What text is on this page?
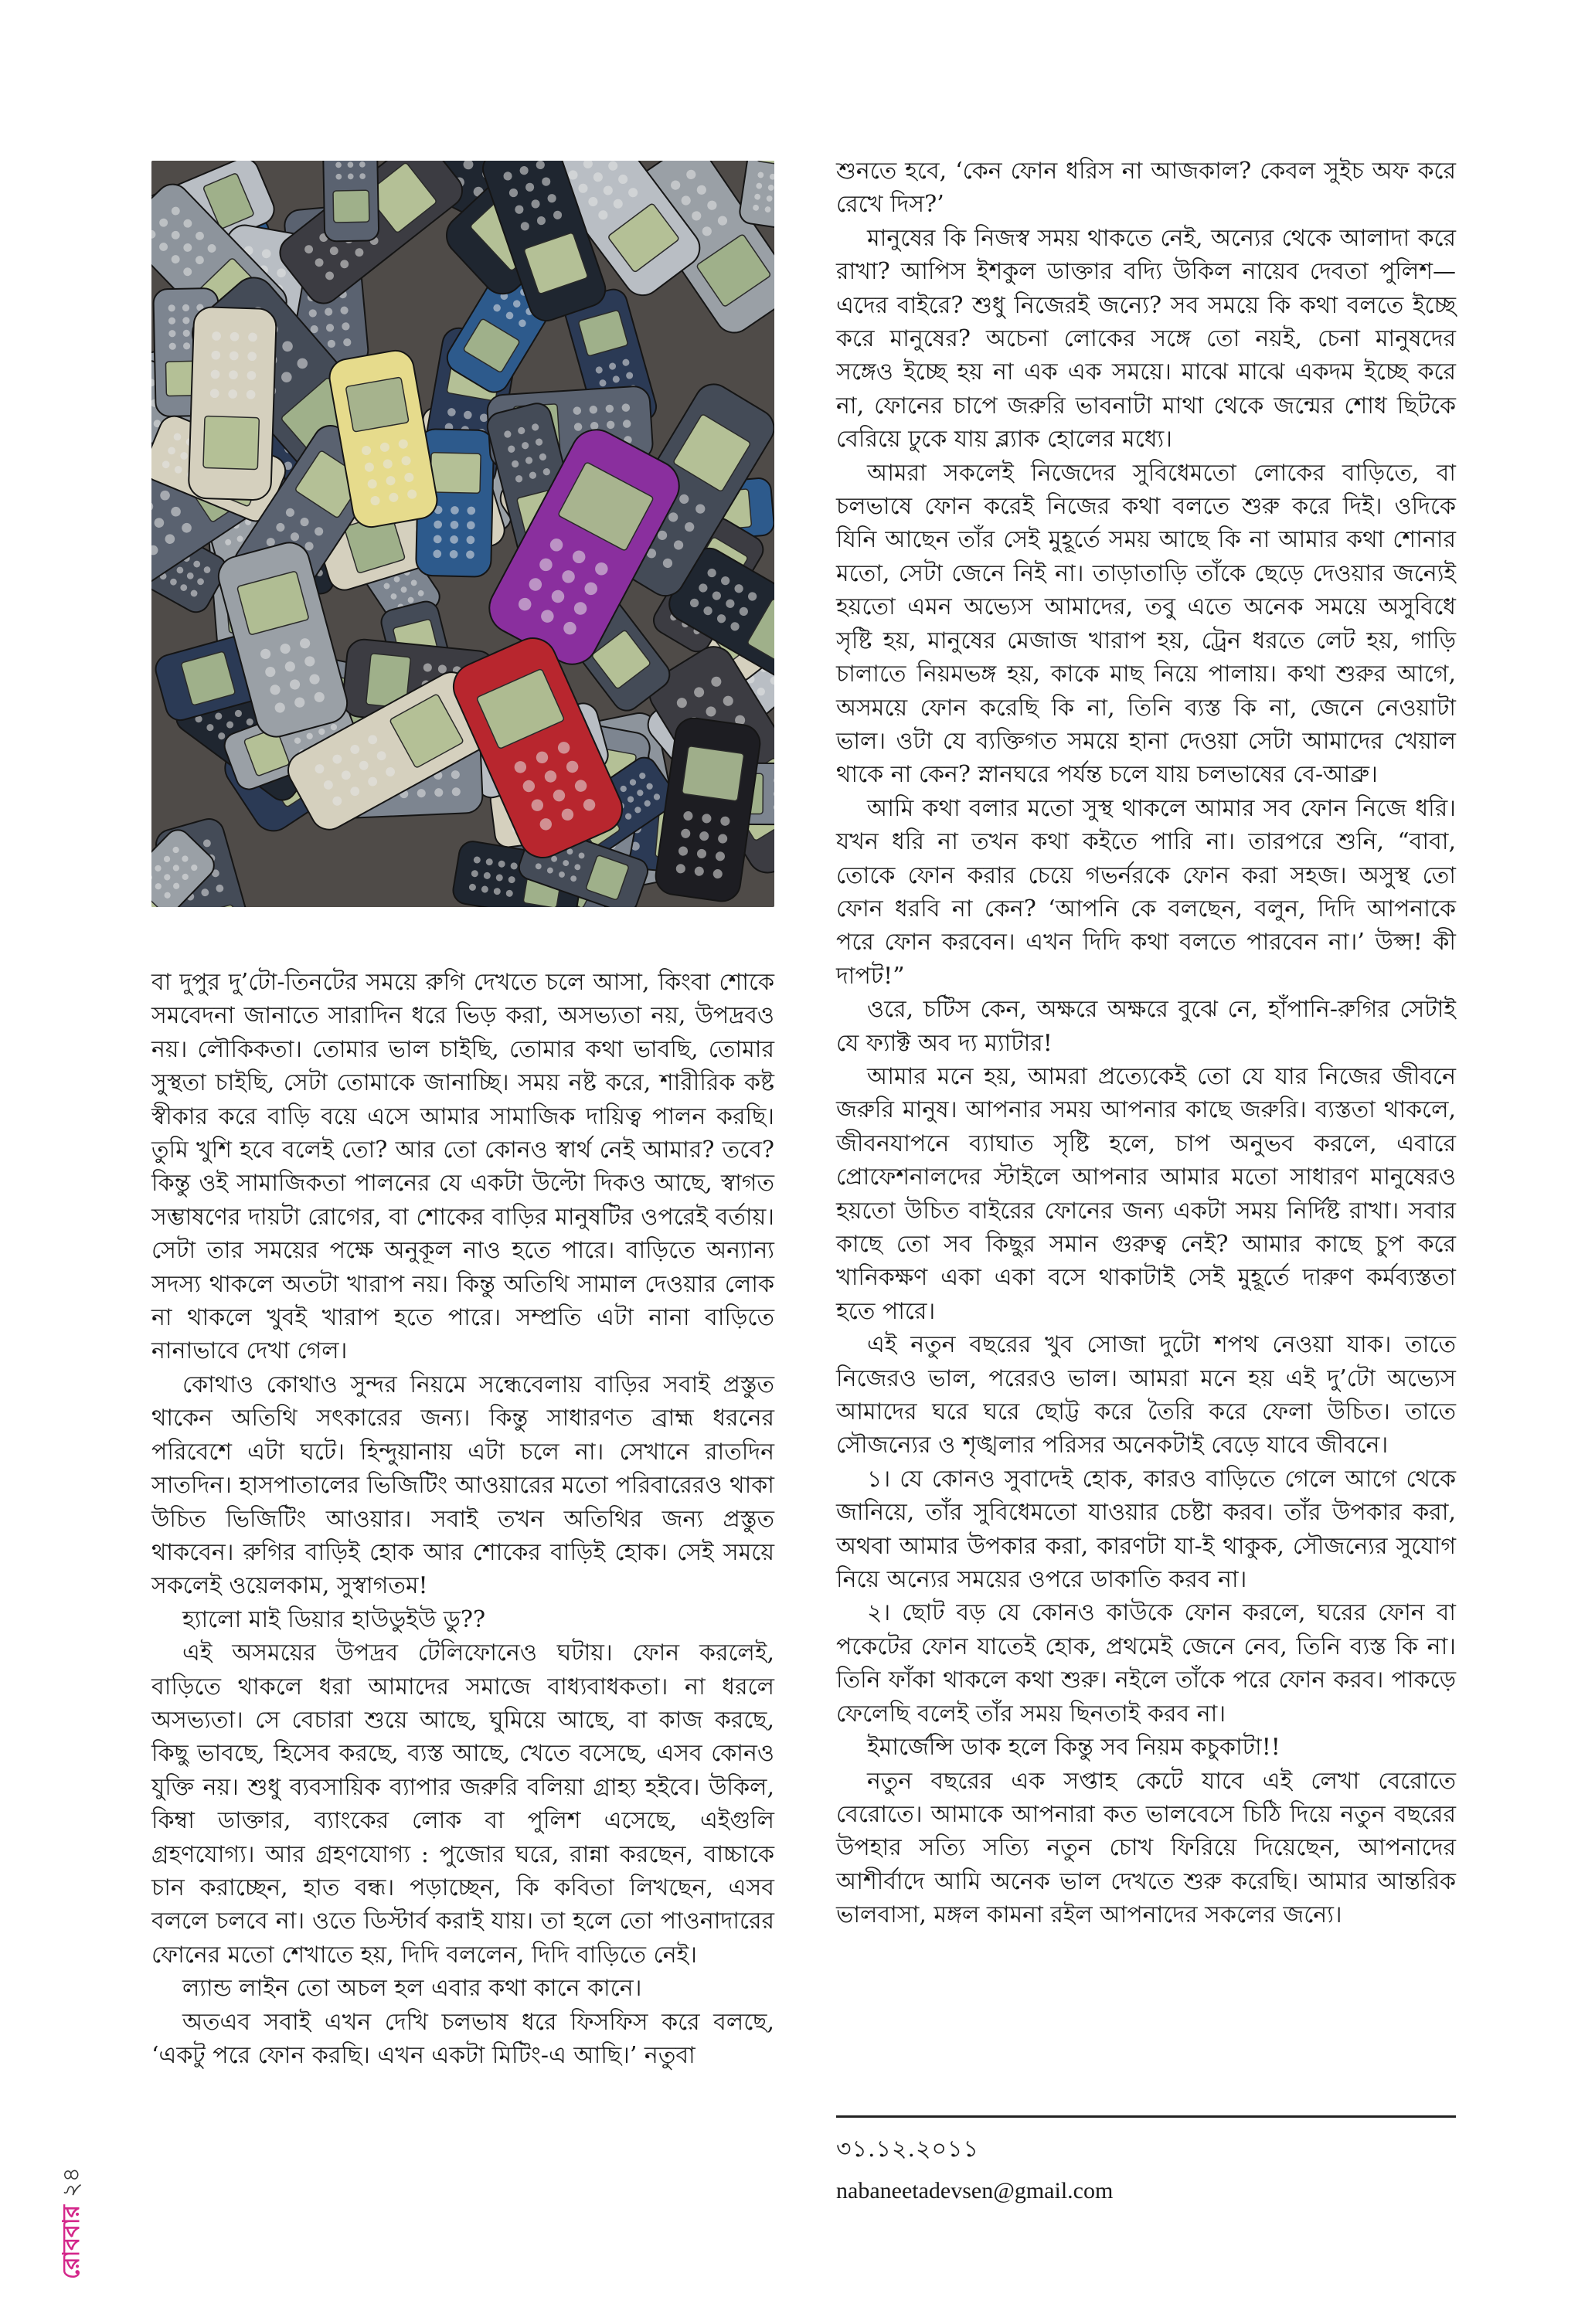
বা দুপুর দু’টো-তিনটের সময়ে রুগি দেখতে চলে আসা, কিংবা শোকে সমবেদনা জানাতে সারাদিন ধরে ভিড় করা, অসভ্যতা নয়, উপদ্রবও নয়। লৌকিকতা। তোমার ভাল চাইছি, তোমার কথা ভাবছি, তোমার সুস্থতা চাইছি, সেটা তোমাকে জানাচ্ছি। সময় নষ্ট করে, শারীরিক কষ্ট স্বীকার করে বাড়ি বয়ে এসে আমার সামাজিক দায়িত্ব পালন করছি। তুমি খুশি হবে বলেই তো? আর তো কোনও স্বার্থ নেই আমার? তবে? কিন্তু ওই সামাজিকতা পালনের যে একটা উল্টো দিকও আছে, স্বাগত সম্ভাষণের দায়টা রোগের, বা শোকের বাড়ির মানুষটির ওপরেই বর্তায়। সেটা তার সময়ের পক্ষে অনুকূল নাও হতে পারে। বাড়িতে অন্যান্য সদস্য থাকলে অতটা খারাপ নয়। কিন্তু অতিথি সামাল দেওয়ার লোক না থাকলে খুবই খারাপ হতে পারে। সম্প্রতি এটা নানা বাড়িতে নানাভাবে দেখা গেল।

কোথাও কোথাও সুন্দর নিয়মে সন্ধেবেলায় বাড়ির সবাই প্রস্তুত থাকেন অতিথি সৎকারের জন্য। কিন্তু সাধারণত ব্রাহ্ম ধরনের পরিবেশে এটা ঘটে। হিন্দুয়ানায় এটা চলে না। সেখানে রাতদিন সাতদিন। হাসপাতালের ভিজিটিং আওয়ারের মতো পরিবারেরও থাকা উচিত ভিজিটিং আওয়ার। সবাই তখন অতিথির জন্য প্রস্তুত থাকবেন। রুগির বাড়িই হোক আর শোকের বাড়িই হোক। সেই সময়ে সকলেই ওয়েলকাম, সুস্বাগতম!

হ্যালো মাই ডিয়ার হাউডুইউ ডু??

এই অসময়ের উপদ্রব টেলিফোনেও ঘটায়। ফোন করলেই, বাড়িতে থাকলে ধরা আমাদের সমাজে বাধ্যবাধকতা। না ধরলে অসভ্যতা। সে বেচারা শুয়ে আছে, ঘুমিয়ে আছে, বা কাজ করছে, কিছু ভাবছে, হিসেব করছে, ব্যস্ত আছে, খেতে বসেছে, এসব কোনও যুক্তি নয়। শুধু ব্যবসায়িক ব্যাপার জরুরি বলিয়া গ্রাহ্য হইবে। উকিল, কিম্বা ডাক্তার, ব্যাংকের লোক বা পুলিশ এসেছে, এইগুলি গ্রহণযোগ্য। আর গ্রহণযোগ্য : পুজোর ঘরে, রান্না করছেন, বাচ্চাকে চান করাচ্ছেন, হাত বন্ধ। পড়াচ্ছেন, কি কবিতা লিখছেন, এসব বললে চলবে না। ওতে ডিস্টার্ব করাই যায়। তা হলে তো পাওনাদারের ফোনের মতো শেখাতে হয়, দিদি বললেন, দিদি বাড়িতে নেই।

ল্যান্ড লাইন তো অচল হল এবার কথা কানে কানে।

অতএব সবাই এখন দেখি চলভাষ ধরে ফিসফিস করে বলছে, ‘একটু পরে ফোন করছি। এখন একটা মিটিং-এ আছি।’ নতুবা

শুনতে হবে, ‘কেন ফোন ধরিস না আজকাল? কেবল সুইচ অফ করে রেখে দিস?’

মানুষের কি নিজস্ব সময় থাকতে নেই, অন্যের থেকে আলাদা করে রাখা? আপিস ইশকুল ডাক্তার বদ্যি উকিল নায়েব দেবতা পুলিশ—এদের বাইরে? শুধু নিজেরই জন্যে? সব সময়ে কি কথা বলতে ইচ্ছে করে মানুষের? অচেনা লোকের সঙ্গে তো নয়ই, চেনা মানুষদের সঙ্গেও ইচ্ছে হয় না এক এক সময়ে। মাঝে মাঝে একদম ইচ্ছে করে না, ফোনের চাপে জরুরি ভাবনাটা মাথা থেকে জন্মের শোধ ছিটকে বেরিয়ে ঢুকে যায় ব্ল্যাক হোলের মধ্যে।

আমরা সকলেই নিজেদের সুবিধেমতো লোকের বাড়িতে, বা চলভাষে ফোন করেই নিজের কথা বলতে শুরু করে দিই। ওদিকে যিনি আছেন তাঁর সেই মুহূর্তে সময় আছে কি না আমার কথা শোনার মতো, সেটা জেনে নিই না। তাড়াতাড়ি তাঁকে ছেড়ে দেওয়ার জন্যেই হয়তো এমন অভ্যেস আমাদের, তবু এতে অনেক সময়ে অসুবিধে সৃষ্টি হয়, মানুষের মেজাজ খারাপ হয়, ট্রেন ধরতে লেট হয়, গাড়ি চালাতে নিয়মভঙ্গ হয়, কাকে মাছ নিয়ে পালায়। কথা শুরুর আগে, অসময়ে ফোন করেছি কি না, তিনি ব্যস্ত কি না, জেনে নেওয়াটা ভাল। ওটা যে ব্যক্তিগত সময়ে হানা দেওয়া সেটা আমাদের খেয়াল থাকে না কেন? স্নানঘরে পর্যন্ত চলে যায় চলভাষের বে-আব্রু।

আমি কথা বলার মতো সুস্থ থাকলে আমার সব ফোন নিজে ধরি। যখন ধরি না তখন কথা কইতে পারি না। তারপরে শুনি, “বাবা, তোকে ফোন করার চেয়ে গভর্নরকে ফোন করা সহজ। অসুস্থ তো ফোন ধরবি না কেন? ‘আপনি কে বলছেন, বলুন, দিদি আপনাকে পরে ফোন করবেন। এখন দিদি কথা বলতে পারবেন না।’ উপ্স! কী দাপট!”

ওরে, চটিস কেন, অক্ষরে অক্ষরে বুঝে নে, হাঁপানি-রুগির সেটাই যে ফ্যাক্ট অব দ্য ম্যাটার!

আমার মনে হয়, আমরা প্রত্যেকেই তো যে যার নিজের জীবনে জরুরি মানুষ। আপনার সময় আপনার কাছে জরুরি। ব্যস্ততা থাকলে, জীবনযাপনে ব্যাঘাত সৃষ্টি হলে, চাপ অনুভব করলে, এবারে প্রোফেশনালদের স্টাইলে আপনার আমার মতো সাধারণ মানুষেরও হয়তো উচিত বাইরের ফোনের জন্য একটা সময় নির্দিষ্ট রাখা। সবার কাছে তো সব কিছুর সমান গুরুত্ব নেই? আমার কাছে চুপ করে খানিকক্ষণ একা একা বসে থাকাটাই সেই মুহূর্তে দারুণ কর্মব্যস্ততা হতে পারে।

এই নতুন বছরের খুব সোজা দুটো শপথ নেওয়া যাক। তাতে নিজেরও ভাল, পরেরও ভাল। আমরা মনে হয় এই দু’টো অভ্যেস আমাদের ঘরে ঘরে ছোট্ট করে তৈরি করে ফেলা উচিত। তাতে সৌজন্যের ও শৃঙ্খলার পরিসর অনেকটাই বেড়ে যাবে জীবনে।

১। যে কোনও সুবাদেই হোক, কারও বাড়িতে গেলে আগে থেকে জানিয়ে, তাঁর সুবিধেমতো যাওয়ার চেষ্টা করব। তাঁর উপকার করা, অথবা আমার উপকার করা, কারণটা যা-ই থাকুক, সৌজন্যের সুযোগ নিয়ে অন্যের সময়ের ওপরে ডাকাতি করব না।

২। ছোট বড় যে কোনও কাউকে ফোন করলে, ঘরের ফোন বা পকেটের ফোন যাতেই হোক, প্রথমেই জেনে নেব, তিনি ব্যস্ত কি না। তিনি ফাঁকা থাকলে কথা শুরু। নইলে তাঁকে পরে ফোন করব। পাকড়ে ফেলেছি বলেই তাঁর সময় ছিনতাই করব না।

ইমার্জেন্সি ডাক হলে কিন্তু সব নিয়ম কচুকাটা!!

নতুন বছরের এক সপ্তাহ কেটে যাবে এই লেখা বেরোতে বেরোতে। আমাকে আপনারা কত ভালবেসে চিঠি দিয়ে নতুন বছরের উপহার সত্যি সত্যি নতুন চোখ ফিরিয়ে দিয়েছেন, আপনাদের আশীর্বাদে আমি অনেক ভাল দেখতে শুরু করেছি। আমার আন্তরিক ভালবাসা, মঙ্গল কামনা রইল আপনাদের সকলের জন্যে।

৩১.১২.২০১১
nabaneetadevsen@gmail.com
রোববার২৪
